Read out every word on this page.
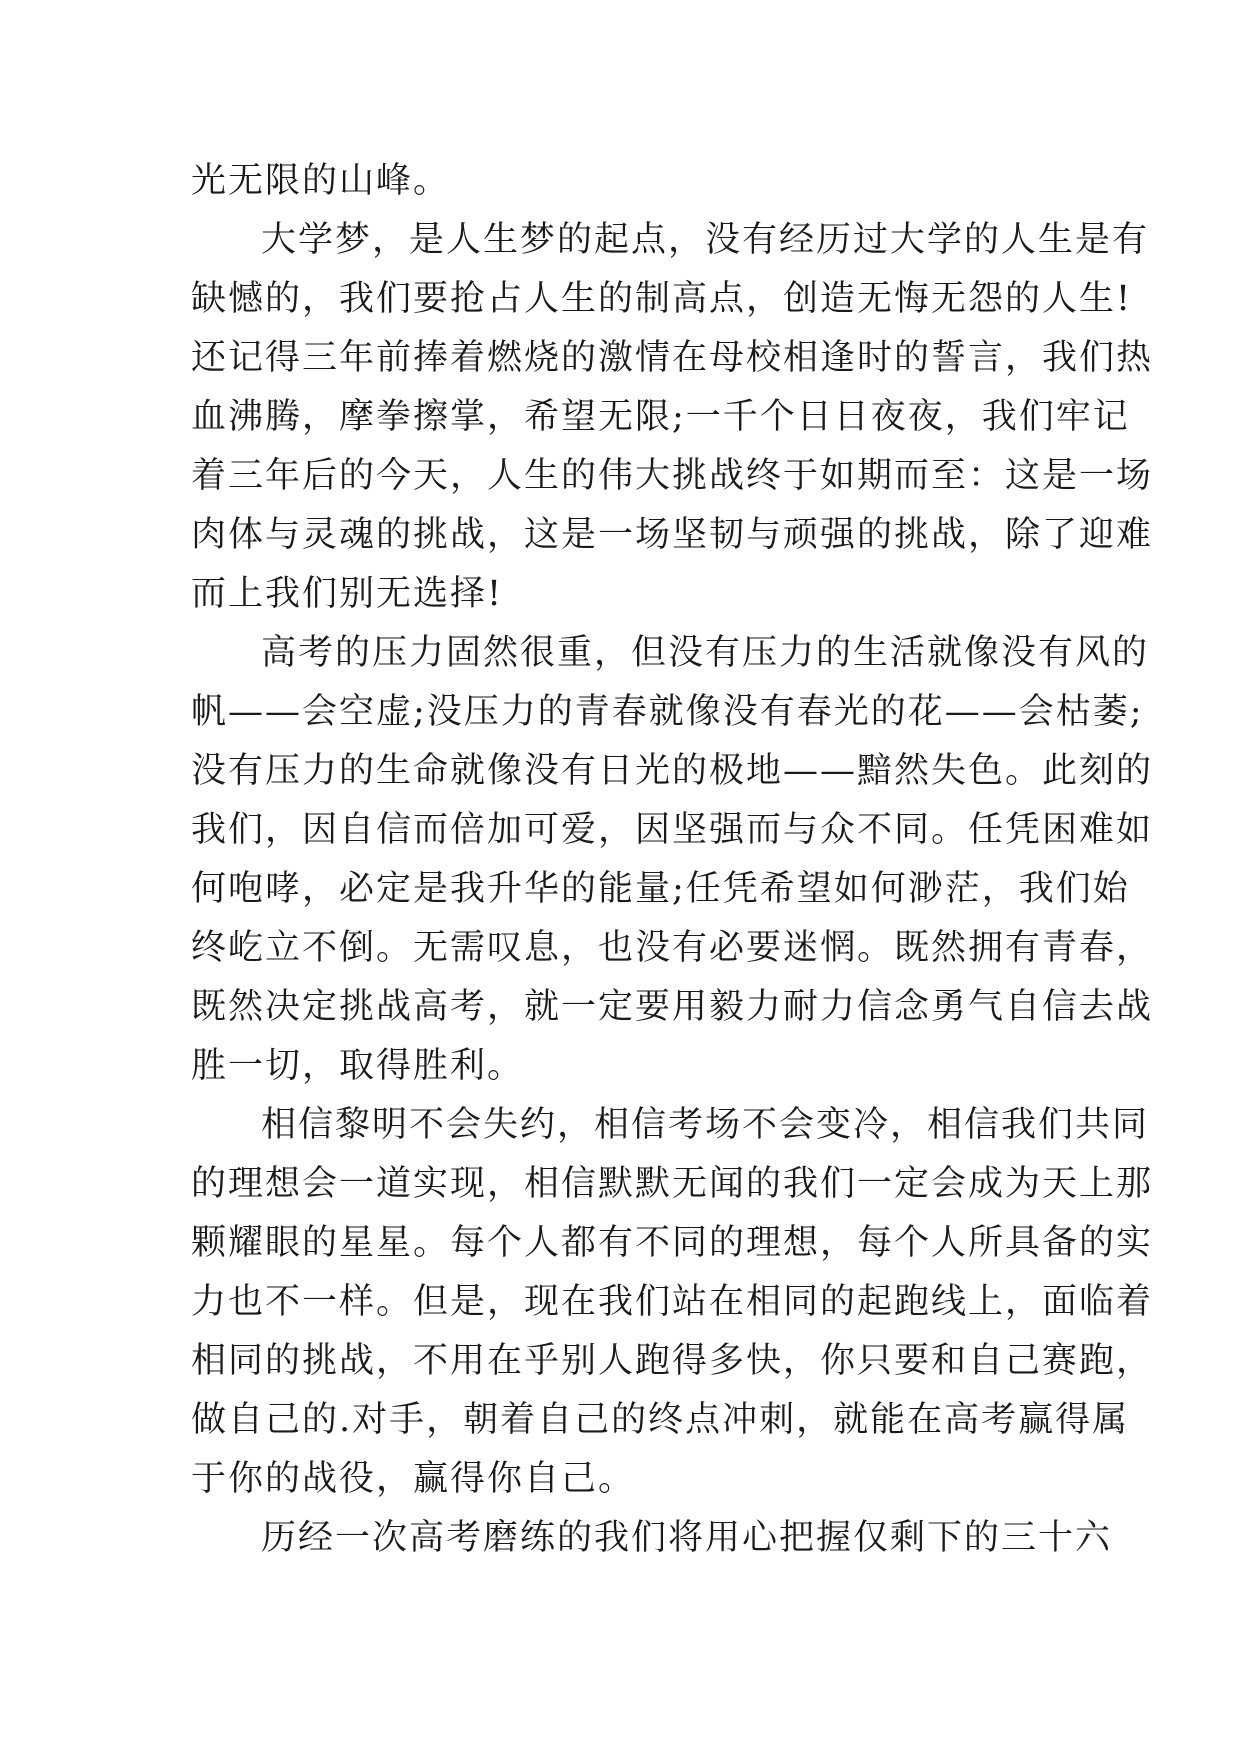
光无限的山峰。
大学梦，是人生梦的起点，没有经历过大学的人生是有
缺憾的，我们要抢占人生的制高点，创造无悔无怨的人生!
还记得三年前捧着燃烧的激情在母校相逢时的誓言，我们热
血沸腾，摩拳擦掌，希望无限;一千个日日夜夜，我们牢记
着三年后的今天，人生的伟大挑战终于如期而至：这是一场
肉体与灵魂的挑战，这是一场坚韧与顽强的挑战，除了迎难
而上我们别无选择!
高考的压力固然很重，但没有压力的生活就像没有风的
帆——会空虚;没压力的青春就像没有春光的花——会枯萎;
没有压力的生命就像没有日光的极地——黯然失色。此刻的
我们，因自信而倍加可爱，因坚强而与众不同。任凭困难如
何咆哮，必定是我升华的能量;任凭希望如何渺茫，我们始
终屹立不倒。无需叹息，也没有必要迷惘。既然拥有青春，
既然决定挑战高考，就一定要用毅力耐力信念勇气自信去战
胜一切，取得胜利。
相信黎明不会失约，相信考场不会变冷，相信我们共同
的理想会一道实现，相信默默无闻的我们一定会成为天上那
颗耀眼的星星。每个人都有不同的理想，每个人所具备的实
力也不一样。但是，现在我们站在相同的起跑线上，面临着
相同的挑战，不用在乎别人跑得多快，你只要和自己赛跑，
做自己的.对手，朝着自己的终点冲刺，就能在高考赢得属
于你的战役，赢得你自己。
历经一次高考磨练的我们将用心把握仅剩下的三十六
